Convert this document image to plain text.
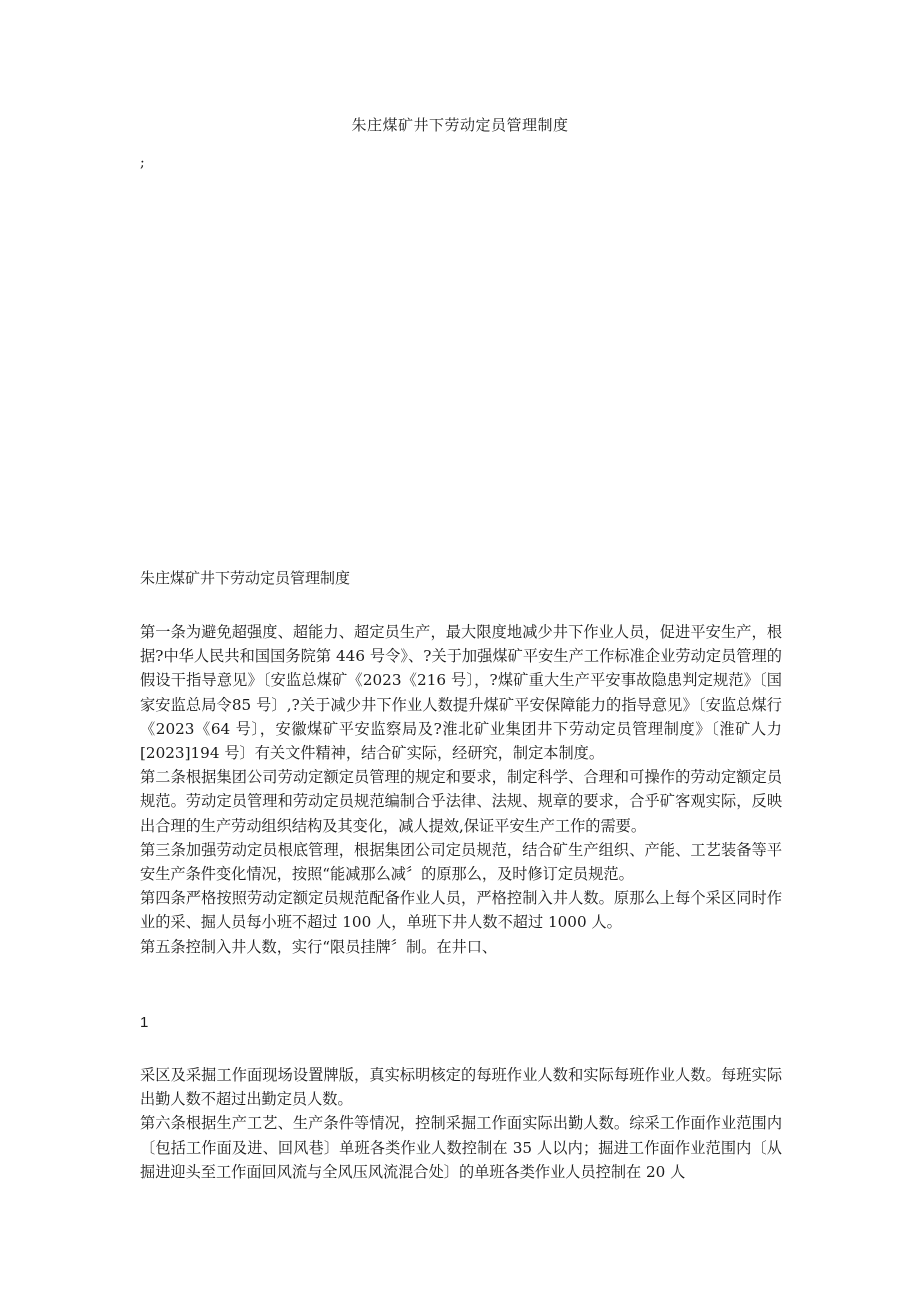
朱庄煤矿井下劳动定员管理制度
;
朱庄煤矿井下劳动定员管理制度

第一条为避免超强度、超能力、超定员生产，最大限度地减少井下作业人员，促进平安生产，根据?中华人民共和国国务院第 446 号令》、?关于加强煤矿平安生产工作标准企业劳动定员管理的假设干指导意见》〔安监总煤矿《2023《216 号〕，?煤矿重大生产平安事故隐患判定规范》〔国家安监总局令85 号〕,?关于减少井下作业人数提升煤矿平安保障能力的指导意见》〔安监总煤行《2023《64 号〕，安徽煤矿平安监察局及?淮北矿业集团井下劳动定员管理制度》〔淮矿人力[2023]194 号〕有关文件精神，结合矿实际，经研究，制定本制度。

第二条根据集团公司劳动定额定员管理的规定和要求，制定科学、合理和可操作的劳动定额定员规范。劳动定员管理和劳动定员规范编制合乎法律、法规、规章的要求，合乎矿客观实际，反映出合理的生产劳动组织结构及其变化，减人提效,保证平安生产工作的需要。

第三条加强劳动定员根底管理，根据集团公司定员规范，结合矿生产组织、产能、工艺装备等平安生产条件变化情况，按照“能减那么减〞的原那么，及时修订定员规范。

第四条严格按照劳动定额定员规范配备作业人员，严格控制入井人数。原那么上每个采区同时作业的采、掘人员每小班不超过 100 人，单班下井人数不超过 1000 人。

第五条控制入井人数，实行“限员挂牌〞制。在井口、

1

采区及采掘工作面现场设置牌版，真实标明核定的每班作业人数和实际每班作业人数。每班实际出勤人数不超过出勤定员人数。

第六条根据生产工艺、生产条件等情况，控制采掘工作面实际出勤人数。综采工作面作业范围内〔包括工作面及进、回风巷〕单班各类作业人数控制在 35 人以内；掘进工作面作业范围内〔从掘进迎头至工作面回风流与全风压风流混合处〕的单班各类作业人员控制在 20 人
